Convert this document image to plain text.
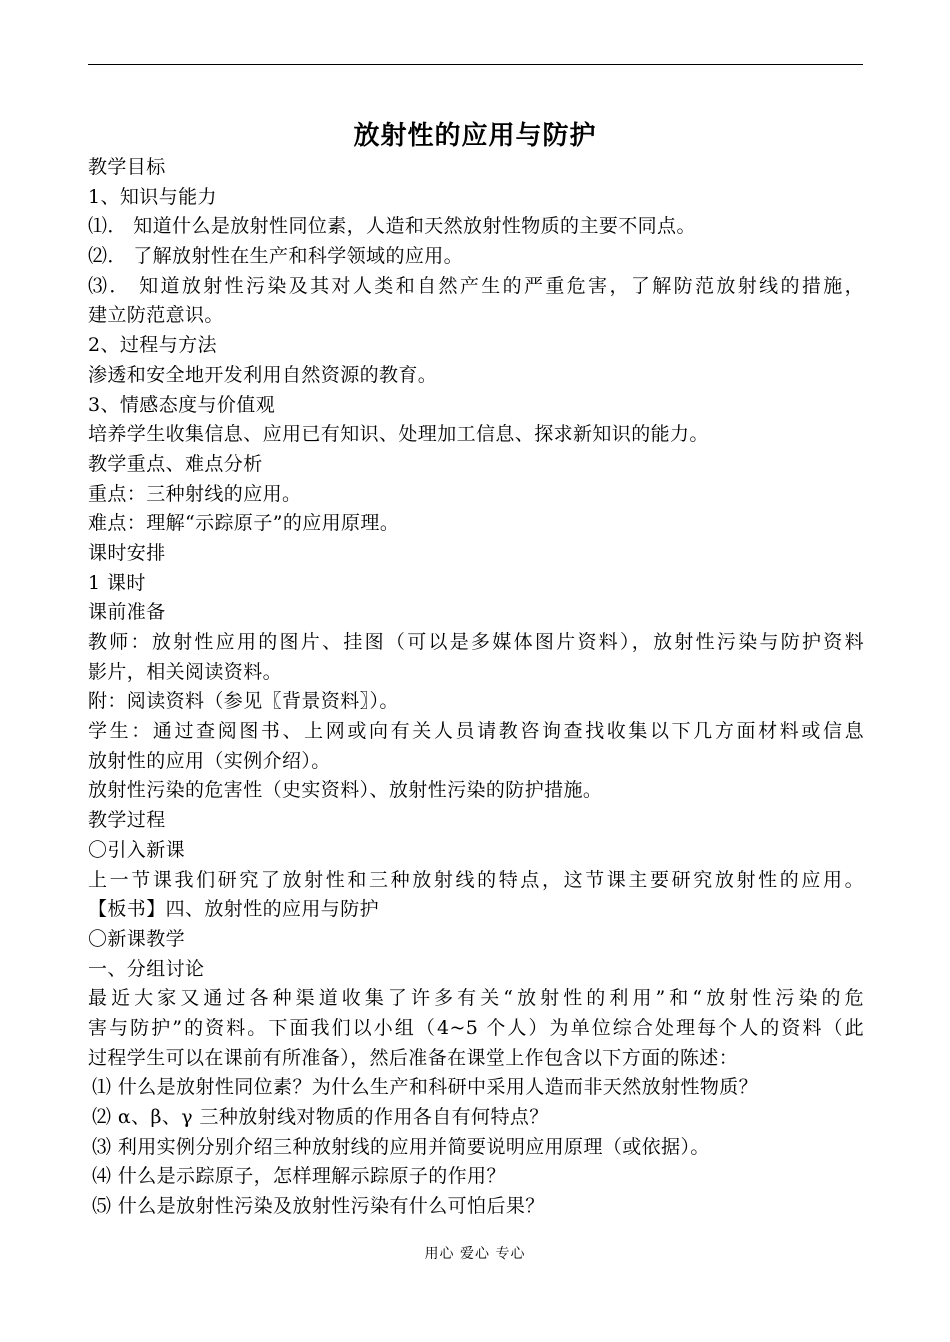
放射性的应用与防护
教学目标
1、知识与能力
⑴． 知道什么是放射性同位素，人造和天然放射性物质的主要不同点。
⑵． 了解放射性在生产和科学领域的应用。
⑶． 知道放射性污染及其对人类和自然产生的严重危害，了解防范放射线的措施，
建立防范意识。
2、过程与方法
渗透和安全地开发利用自然资源的教育。
3、情感态度与价值观
培养学生收集信息、应用已有知识、处理加工信息、探求新知识的能力。
教学重点、难点分析
重点：三种射线的应用。
难点：理解“示踪原子”的应用原理。
课时安排
1 课时
课前准备
教师：放射性应用的图片、挂图（可以是多媒体图片资料），放射性污染与防护资料
影片，相关阅读资料。
附：阅读资料（参见〖背景资料〗）。
学生：通过查阅图书、上网或向有关人员请教咨询查找收集以下几方面材料或信息
放射性的应用（实例介绍）。
放射性污染的危害性（史实资料）、放射性污染的防护措施。
教学过程
〇引入新课
上一节课我们研究了放射性和三种放射线的特点，这节课主要研究放射性的应用。
【板书】四、放射性的应用与防护
〇新课教学
一、分组讨论
最近大家又通过各种渠道收集了许多有关“放射性的利用”和“放射性污染的危
害与防护”的资料。下面我们以小组（4~5 个人）为单位综合处理每个人的资料（此
过程学生可以在课前有所准备），然后准备在课堂上作包含以下方面的陈述：
⑴ 什么是放射性同位素？为什么生产和科研中采用人造而非天然放射性物质？
⑵ α、β、γ 三种放射线对物质的作用各自有何特点？
⑶ 利用实例分别介绍三种放射线的应用并简要说明应用原理（或依据）。
⑷ 什么是示踪原子，怎样理解示踪原子的作用？
⑸ 什么是放射性污染及放射性污染有什么可怕后果？
用心 爱心 专心
